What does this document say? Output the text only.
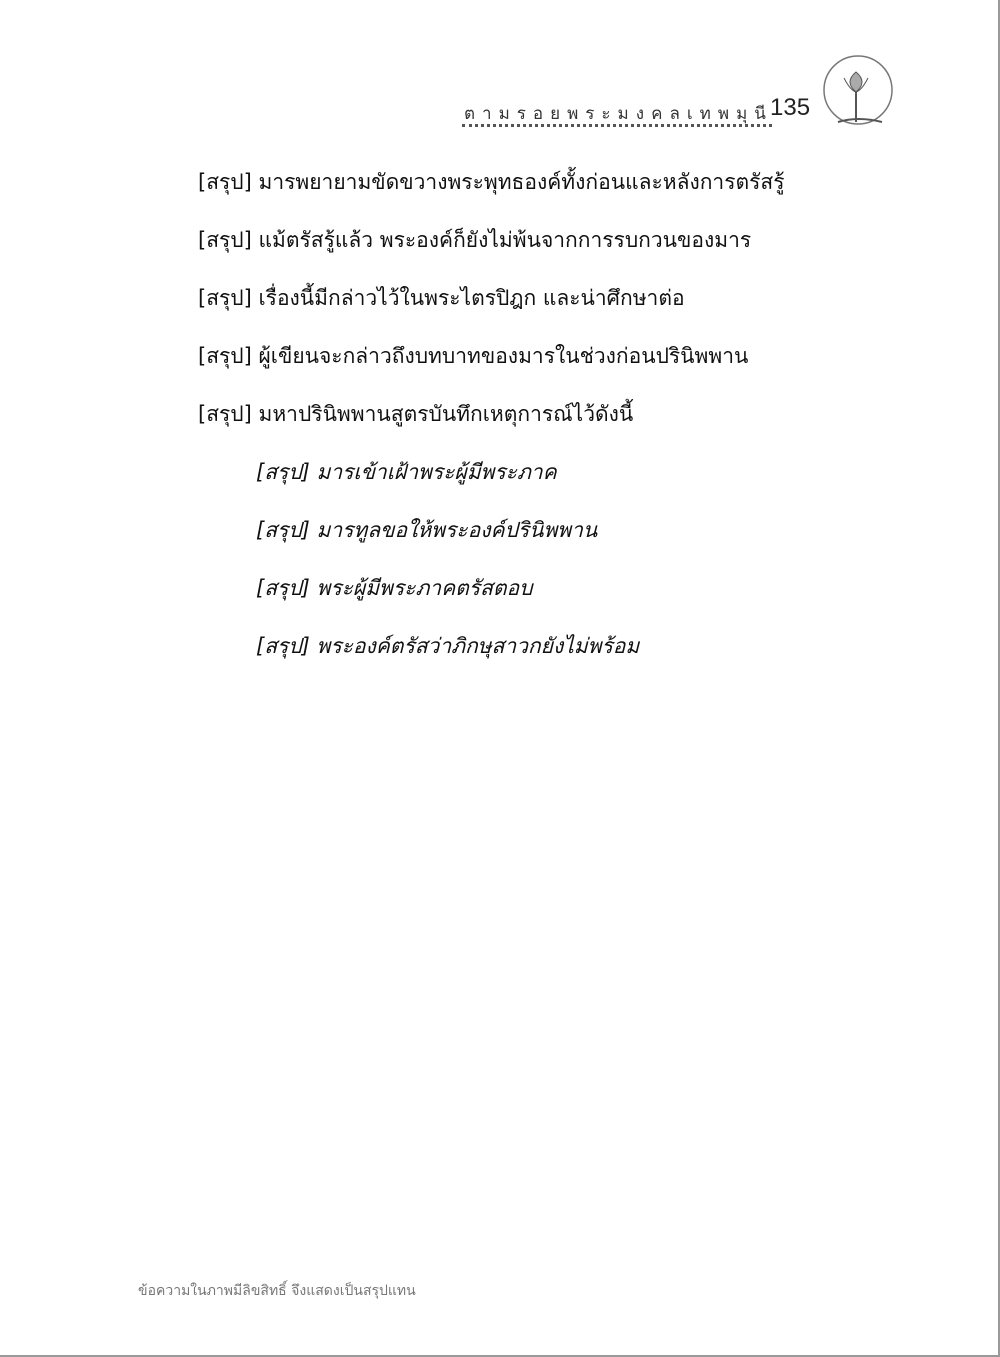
ตามรอยพระมงคลเทพมุนี
135

[สรุป] มารพยายามขัดขวางพระพุทธองค์ทั้งก่อนและหลังการตรัสรู้

[สรุป] แม้ตรัสรู้แล้ว พระองค์ก็ยังไม่พ้นจากการรบกวนของมาร

[สรุป] เรื่องนี้มีกล่าวไว้ในพระไตรปิฎก และน่าศึกษาต่อ

[สรุป] ผู้เขียนจะกล่าวถึงบทบาทของมารในช่วงก่อนปรินิพพาน

[สรุป] มหาปรินิพพานสูตรบันทึกเหตุการณ์ไว้ดังนี้

[สรุป] มารเข้าเฝ้าพระผู้มีพระภาค

[สรุป] มารทูลขอให้พระองค์ปรินิพพาน

[สรุป] พระผู้มีพระภาคตรัสตอบ

[สรุป] พระองค์ตรัสว่าภิกษุสาวกยังไม่พร้อม

ข้อความในภาพมีลิขสิทธิ์ จึงแสดงเป็นสรุปแทน
